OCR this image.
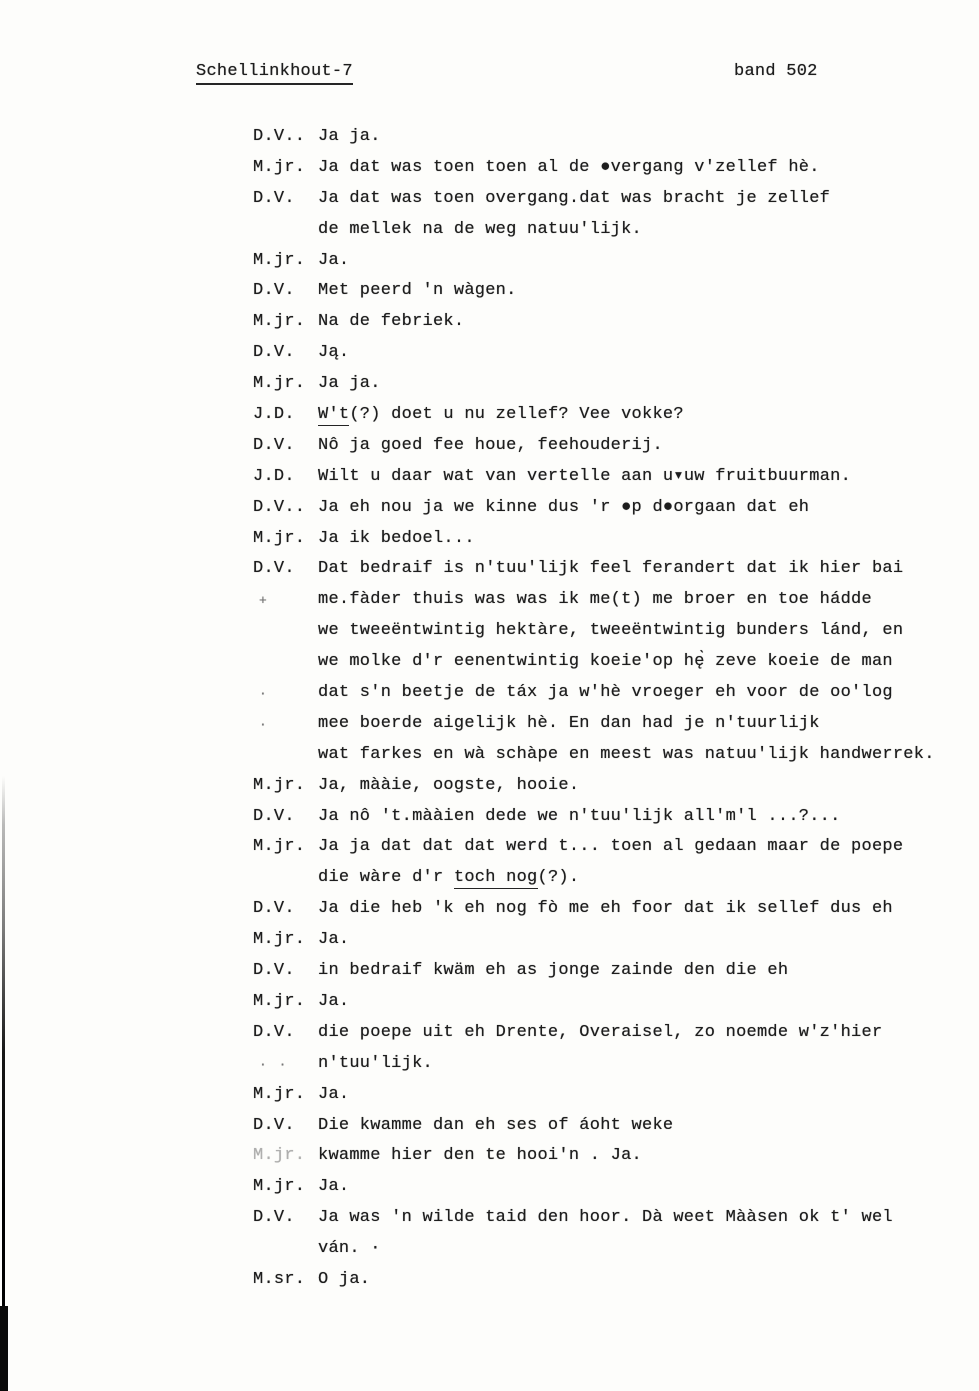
Schellinkhout-7	band 502
D.V.. Ja ja.
M.jr. Ja dat was toen toen al de ●vergang v'zellef hè.
D.V. Ja dat was toen overgang.dat was bracht je zellef
de mellek na de weg natuu'lijk.
M.jr. Ja.
D.V. Met peerd 'n wàgen.
M.jr. Na de febriek.
D.V. Ją.
M.jr. Ja ja.
J.D. W't(?) doet u nu zellef? Vee vokke?
D.V. Nô ja goed fee houe, feehouderij.
J.D. Wilt u daar wat van vertelle aan u▾uw fruitbuurman.
D.V.. Ja eh nou ja we kinne dus 'r ●p d●orgaan dat eh
M.jr. Ja ik bedoel...
D.V. Dat bedraif is n'tuu'lijk feel ferandert dat ik hier bai
+	me.fàder thuis was was ik me(t) me broer en toe hádde
we tweeëntwintig hektàre, tweeëntwintig bunders lánd, en
we molke d'r eenentwintig koeie'op hę̀ zeve koeie de man
·	dat s'n beetje de táx ja w'hè vroeger eh voor de oo'log
·	mee boerde aigelijk hè. En dan had je n'tuurlijk
wat farkes en wà schàpe en meest was natuu'lijk handwerrek.
M.jr. Ja, mààie, oogste, hooie.
D.V. Ja nô 't.mààien dede we n'tuu'lijk all'm'l ...?...
M.jr. Ja ja dat dat dat werd t... toen al gedaan maar de poepe
die wàre d'r toch nog(?).
D.V. Ja die heb 'k eh nog fò me eh foor dat ik sellef dus eh
M.jr. Ja.
D.V. in bedraif kwäm eh as jonge zainde den die eh
M.jr. Ja.
D.V. die poepe uit eh Drente, Overaisel, zo noemde w'z'hier
· · n'tuu'lijk.
M.jr. Ja.
D.V. Die kwamme dan eh ses of áoht weke
M.jr. kwamme hier den te hooi'n . Ja.
M.jr. Ja.
D.V. Ja was 'n wilde taid den hoor. Dà weet Mààsen ok t' wel
ván. ·
M.sr. O ja.
